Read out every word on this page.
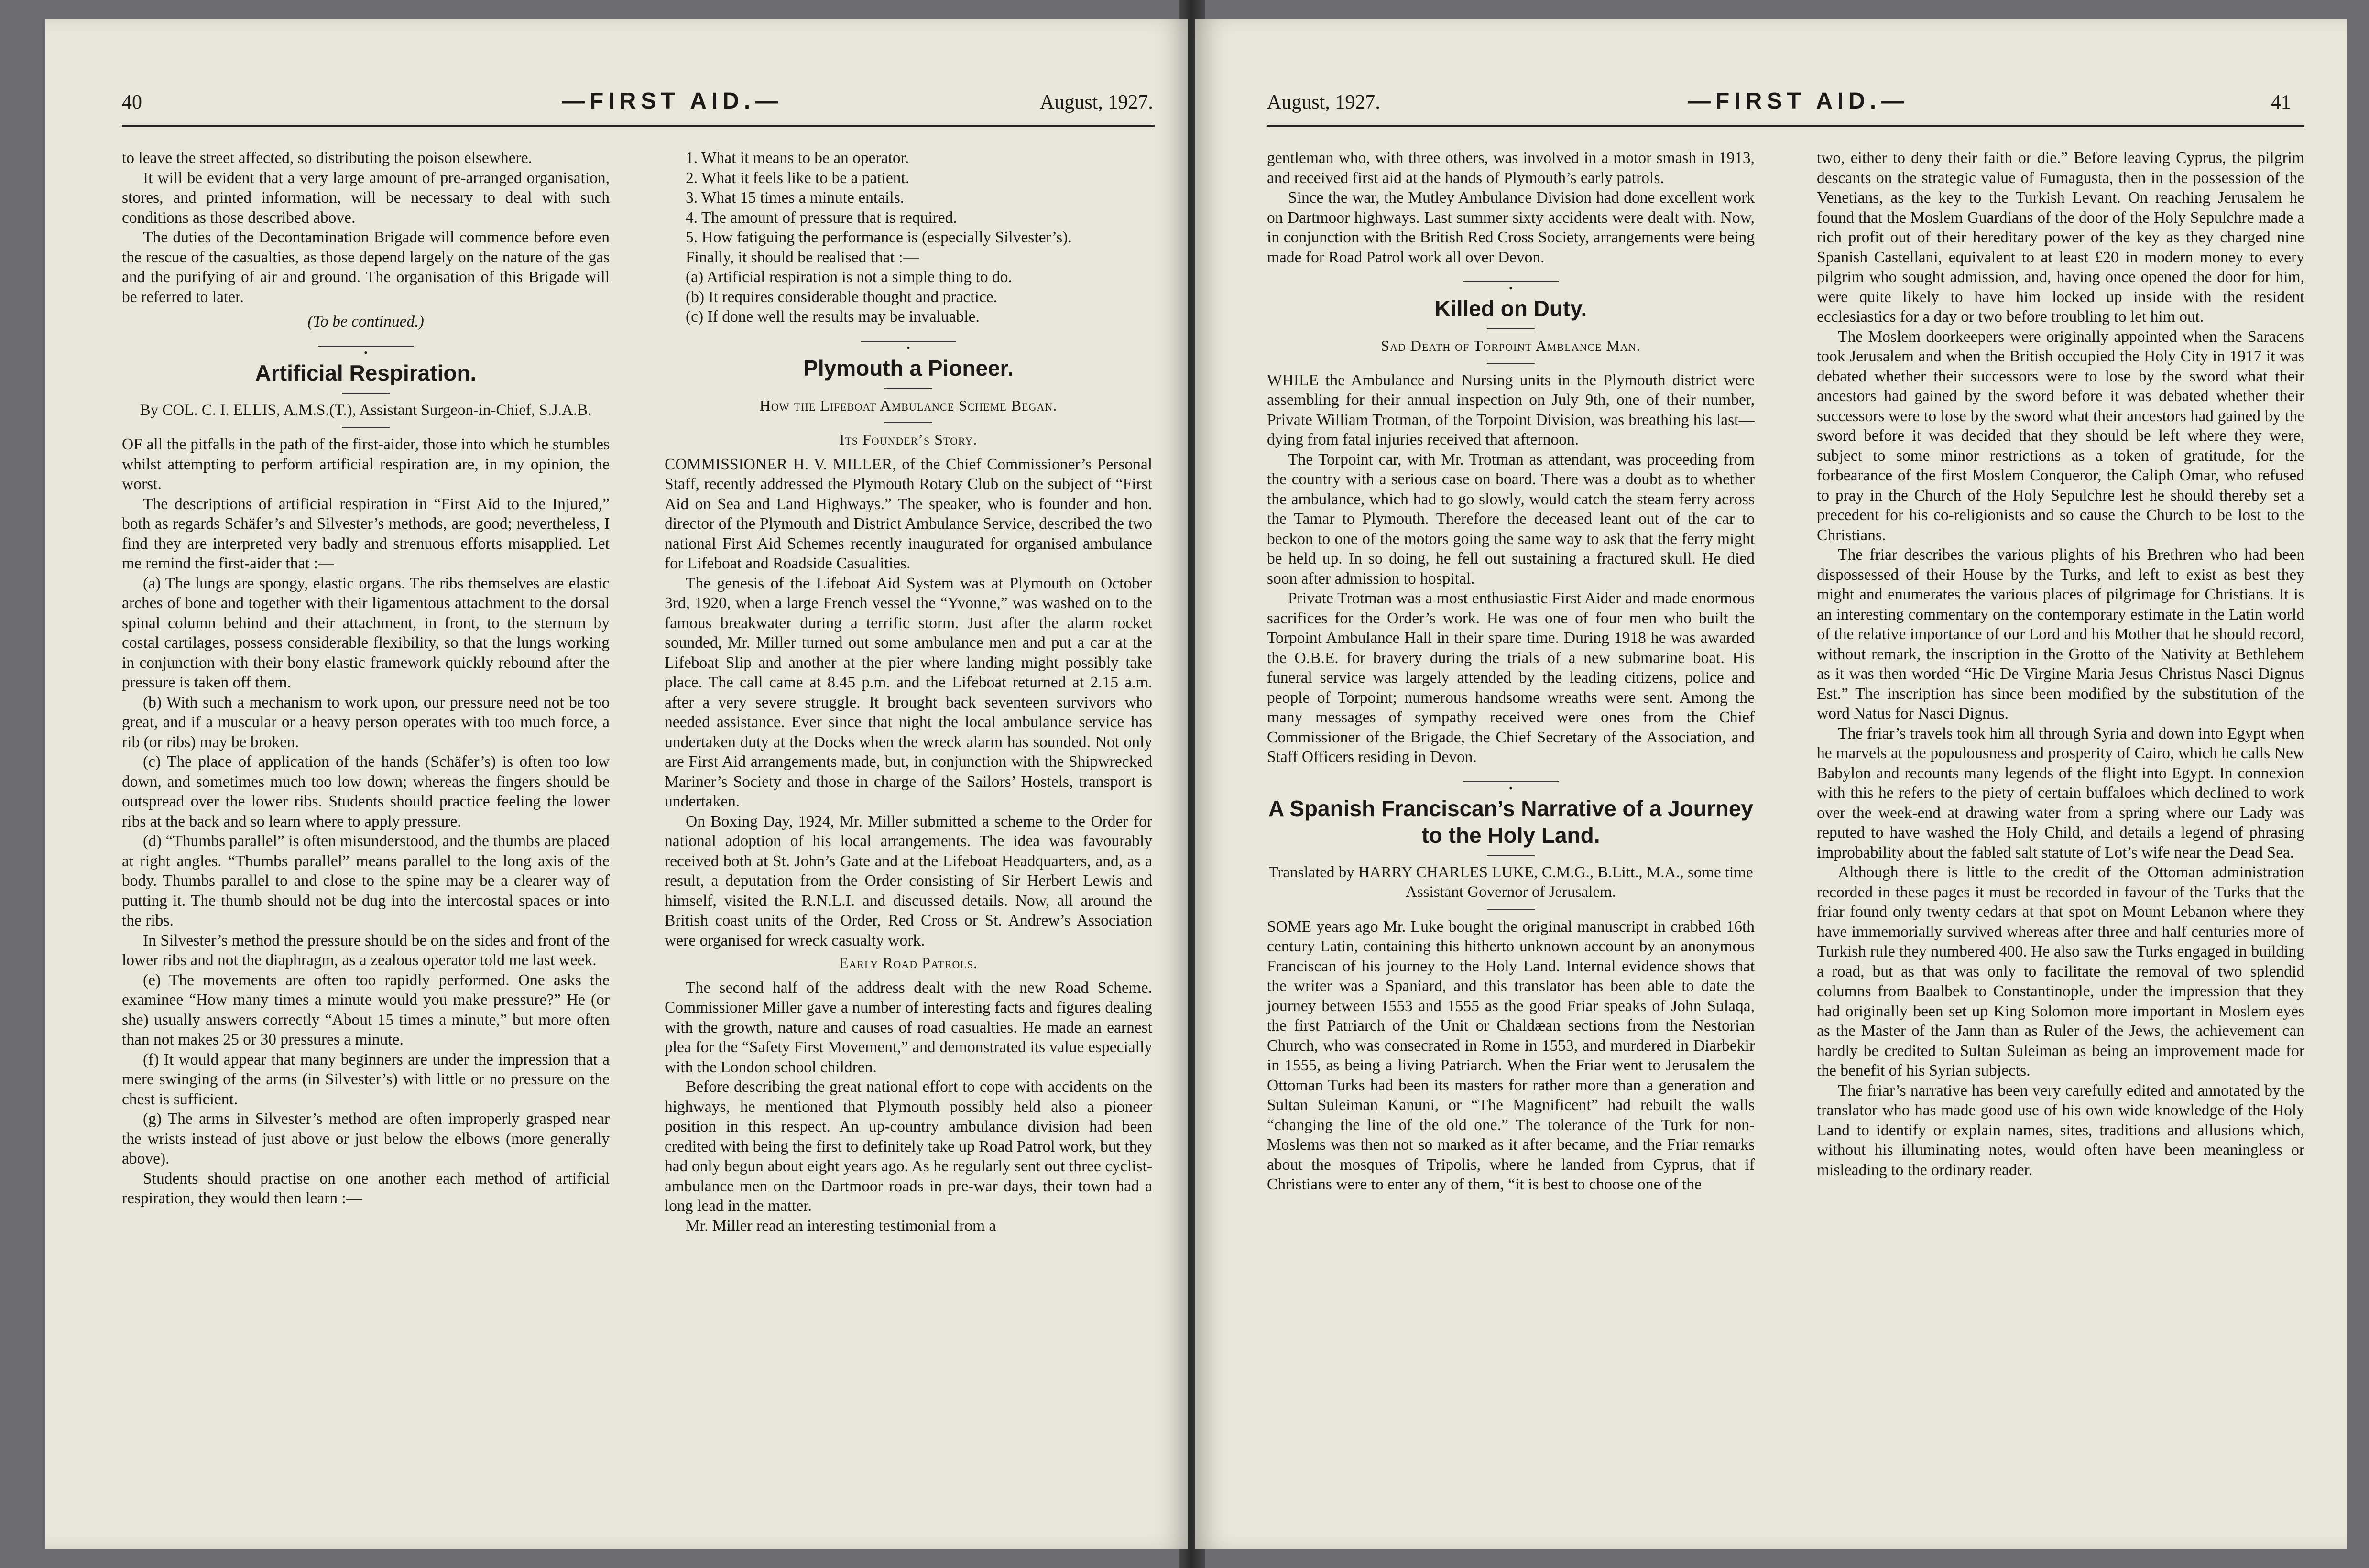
40	—FIRST AID.—	August, 1927.

to leave the street affected, so distributing the poison elsewhere.

It will be evident that a very large amount of pre-arranged organisation, stores, and printed information, will be necessary to deal with such conditions as those described above.

The duties of the Decontamination Brigade will commence before even the rescue of the casualties, as those depend largely on the nature of the gas and the purifying of air and ground. The organisation of this Brigade will be referred to later.

(To be continued.)
•
Artificial Respiration.
By COL. C. I. ELLIS, A.M.S.(T.), Assistant Surgeon-in-Chief, S.J.A.B.

OF all the pitfalls in the path of the first-aider, those into which he stumbles whilst attempting to perform artificial respiration are, in my opinion, the worst.

The descriptions of artificial respiration in “First Aid to the Injured,” both as regards Schäfer’s and Silvester’s methods, are good; nevertheless, I find they are interpreted very badly and strenuous efforts misapplied. Let me remind the first-aider that :—

(a) The lungs are spongy, elastic organs. The ribs themselves are elastic arches of bone and together with their ligamentous attachment to the dorsal spinal column behind and their attachment, in front, to the sternum by costal cartilages, possess considerable flexibility, so that the lungs working in conjunction with their bony elastic framework quickly rebound after the pressure is taken off them.

(b) With such a mechanism to work upon, our pressure need not be too great, and if a muscular or a heavy person operates with too much force, a rib (or ribs) may be broken.

(c) The place of application of the hands (Schäfer’s) is often too low down, and sometimes much too low down; whereas the fingers should be outspread over the lower ribs. Students should practice feeling the lower ribs at the back and so learn where to apply pressure.

(d) “Thumbs parallel” is often misunderstood, and the thumbs are placed at right angles. “Thumbs parallel” means parallel to the long axis of the body. Thumbs parallel to and close to the spine may be a clearer way of putting it. The thumb should not be dug into the intercostal spaces or into the ribs.

In Silvester’s method the pressure should be on the sides and front of the lower ribs and not the diaphragm, as a zealous operator told me last week.

(e) The movements are often too rapidly performed. One asks the examinee “How many times a minute would you make pressure?” He (or she) usually answers correctly “About 15 times a minute,” but more often than not makes 25 or 30 pressures a minute.

(f) It would appear that many beginners are under the impression that a mere swinging of the arms (in Silvester’s) with little or no pressure on the chest is sufficient.

(g) The arms in Silvester’s method are often improperly grasped near the wrists instead of just above or just below the elbows (more generally above).

Students should practise on one another each method of artificial respiration, they would then learn :—

1. What it means to be an operator.

2. What it feels like to be a patient.

3. What 15 times a minute entails.

4. The amount of pressure that is required.

5. How fatiguing the performance is (especially Silvester’s).

Finally, it should be realised that :—

(a) Artificial respiration is not a simple thing to do.

(b) It requires considerable thought and practice.

(c) If done well the results may be invaluable.

•
Plymouth a Pioneer.
How the Lifeboat Ambulance Scheme Began.
Its Founder’s Story.

COMMISSIONER H. V. MILLER, of the Chief Commissioner’s Personal Staff, recently addressed the Plymouth Rotary Club on the subject of “First Aid on Sea and Land Highways.” The speaker, who is founder and hon. director of the Plymouth and District Ambulance Service, described the two national First Aid Schemes recently inaugurated for organised ambulance for Lifeboat and Roadside Casualities.

The genesis of the Lifeboat Aid System was at Plymouth on October 3rd, 1920, when a large French vessel the “Yvonne,” was washed on to the famous breakwater during a terrific storm. Just after the alarm rocket sounded, Mr. Miller turned out some ambulance men and put a car at the Lifeboat Slip and another at the pier where landing might possibly take place. The call came at 8.45 p.m. and the Lifeboat returned at 2.15 a.m. after a very severe struggle. It brought back seventeen survivors who needed assistance. Ever since that night the local ambulance service has undertaken duty at the Docks when the wreck alarm has sounded. Not only are First Aid arrangements made, but, in conjunction with the Shipwrecked Mariner’s Society and those in charge of the Sailors’ Hostels, transport is undertaken.

On Boxing Day, 1924, Mr. Miller submitted a scheme to the Order for national adoption of his local arrangements. The idea was favourably received both at St. John’s Gate and at the Lifeboat Headquarters, and, as a result, a deputation from the Order consisting of Sir Herbert Lewis and himself, visited the R.N.L.I. and discussed details. Now, all around the British coast units of the Order, Red Cross or St. Andrew’s Association were organised for wreck casualty work.

Early Road Patrols.

The second half of the address dealt with the new Road Scheme. Commissioner Miller gave a number of interesting facts and figures dealing with the growth, nature and causes of road casualties. He made an earnest plea for the “Safety First Movement,” and demonstrated its value especially with the London school children.

Before describing the great national effort to cope with accidents on the highways, he mentioned that Plymouth possibly held also a pioneer position in this respect. An up-country ambulance division had been credited with being the first to definitely take up Road Patrol work, but they had only begun about eight years ago. As he regularly sent out three cyclist-ambulance men on the Dartmoor roads in pre-war days, their town had a long lead in the matter.

Mr. Miller read an interesting testimonial from a

August, 1927.	—FIRST AID.—	41

gentleman who, with three others, was involved in a motor smash in 1913, and received first aid at the hands of Plymouth’s early patrols.

Since the war, the Mutley Ambulance Division had done excellent work on Dartmoor highways. Last summer sixty accidents were dealt with. Now, in conjunction with the British Red Cross Society, arrangements were being made for Road Patrol work all over Devon.

•
Killed on Duty.
Sad Death of Torpoint Amblance Man.

WHILE the Ambulance and Nursing units in the Plymouth district were assembling for their annual inspection on July 9th, one of their number, Private William Trotman, of the Torpoint Division, was breathing his last—dying from fatal injuries received that afternoon.

The Torpoint car, with Mr. Trotman as attendant, was proceeding from the country with a serious case on board. There was a doubt as to whether the ambulance, which had to go slowly, would catch the steam ferry across the Tamar to Plymouth. Therefore the deceased leant out of the car to beckon to one of the motors going the same way to ask that the ferry might be held up. In so doing, he fell out sustaining a fractured skull. He died soon after admission to hospital.

Private Trotman was a most enthusiastic First Aider and made enormous sacrifices for the Order’s work. He was one of four men who built the Torpoint Ambulance Hall in their spare time. During 1918 he was awarded the O.B.E. for bravery during the trials of a new submarine boat. His funeral service was largely attended by the leading citizens, police and people of Torpoint; numerous handsome wreaths were sent. Among the many messages of sympathy received were ones from the Chief Commissioner of the Brigade, the Chief Secretary of the Association, and Staff Officers residing in Devon.

•
A Spanish Franciscan’s Narrative of a Journey to the Holy Land.
Translated by HARRY CHARLES LUKE, C.M.G., B.Litt., M.A., some time Assistant Governor of Jerusalem.

SOME years ago Mr. Luke bought the original manuscript in crabbed 16th century Latin, containing this hitherto unknown account by an anonymous Franciscan of his journey to the Holy Land. Internal evidence shows that the writer was a Spaniard, and this translator has been able to date the journey between 1553 and 1555 as the good Friar speaks of John Sulaqa, the first Patriarch of the Unit or Chaldæan sections from the Nestorian Church, who was consecrated in Rome in 1553, and murdered in Diarbekir in 1555, as being a living Patriarch. When the Friar went to Jerusalem the Ottoman Turks had been its masters for rather more than a generation and Sultan Suleiman Kanuni, or “The Magnificent” had rebuilt the walls “changing the line of the old one.” The tolerance of the Turk for non-Moslems was then not so marked as it after became, and the Friar remarks about the mosques of Tripolis, where he landed from Cyprus, that if Christians were to enter any of them, “it is best to choose one of the

two, either to deny their faith or die.” Before leaving Cyprus, the pilgrim descants on the strategic value of Fumagusta, then in the possession of the Venetians, as the key to the Turkish Levant. On reaching Jerusalem he found that the Moslem Guardians of the door of the Holy Sepulchre made a rich profit out of their hereditary power of the key as they charged nine Spanish Castellani, equivalent to at least £20 in modern money to every pilgrim who sought admission, and, having once opened the door for him, were quite likely to have him locked up inside with the resident ecclesiastics for a day or two before troubling to let him out.

The Moslem doorkeepers were originally appointed when the Saracens took Jerusalem and when the British occupied the Holy City in 1917 it was debated whether their successors were to lose by the sword what their ancestors had gained by the sword before it was debated whether their successors were to lose by the sword what their ancestors had gained by the sword before it was decided that they should be left where they were, subject to some minor restrictions as a token of gratitude, for the forbearance of the first Moslem Conqueror, the Caliph Omar, who refused to pray in the Church of the Holy Sepulchre lest he should thereby set a precedent for his co-religionists and so cause the Church to be lost to the Christians.

The friar describes the various plights of his Brethren who had been dispossessed of their House by the Turks, and left to exist as best they might and enumerates the various places of pilgrimage for Christians. It is an interesting commentary on the contemporary estimate in the Latin world of the relative importance of our Lord and his Mother that he should record, without remark, the inscription in the Grotto of the Nativity at Bethlehem as it was then worded “Hic De Virgine Maria Jesus Christus Nasci Dignus Est.” The inscription has since been modified by the substitution of the word Natus for Nasci Dignus.

The friar’s travels took him all through Syria and down into Egypt when he marvels at the populousness and prosperity of Cairo, which he calls New Babylon and recounts many legends of the flight into Egypt. In connexion with this he refers to the piety of certain buffaloes which declined to work over the week-end at drawing water from a spring where our Lady was reputed to have washed the Holy Child, and details a legend of phrasing improbability about the fabled salt statute of Lot’s wife near the Dead Sea.

Although there is little to the credit of the Ottoman administration recorded in these pages it must be recorded in favour of the Turks that the friar found only twenty cedars at that spot on Mount Lebanon where they have immemorially survived whereas after three and half centuries more of Turkish rule they numbered 400. He also saw the Turks engaged in building a road, but as that was only to facilitate the removal of two splendid columns from Baalbek to Constantinople, under the impression that they had originally been set up King Solomon more important in Moslem eyes as the Master of the Jann than as Ruler of the Jews, the achievement can hardly be credited to Sultan Suleiman as being an improvement made for the benefit of his Syrian subjects.

The friar’s narrative has been very carefully edited and annotated by the translator who has made good use of his own wide knowledge of the Holy Land to identify or explain names, sites, traditions and allusions which, without his illuminating notes, would often have been meaningless or misleading to the ordinary reader.
